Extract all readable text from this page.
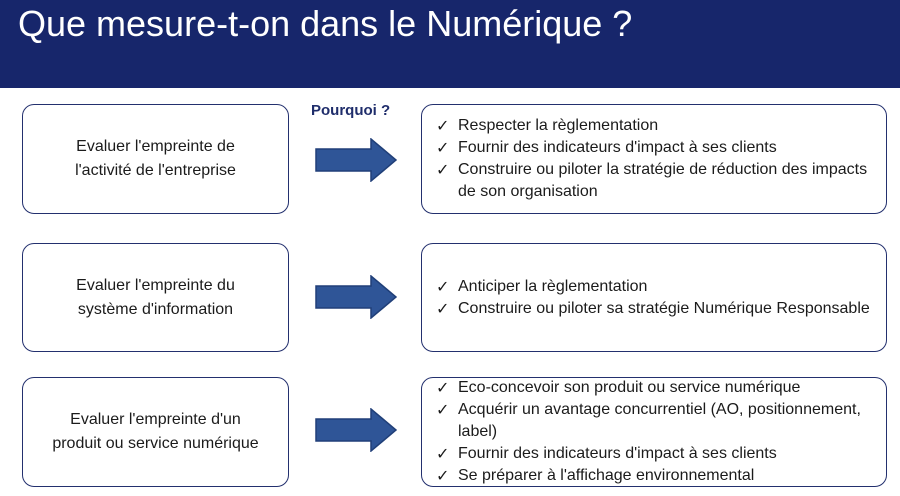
Que mesure-t-on dans le Numérique ?
Pourquoi ?
Evaluer l'empreinte de
l'activité de l'entreprise
✓ Respecter la règlementation
✓ Fournir des indicateurs d'impact à ses clients
✓ Construire ou piloter la stratégie de réduction des impacts de son organisation
Evaluer l'empreinte du
système d'information
✓ Anticiper la règlementation
✓ Construire ou piloter sa stratégie Numérique Responsable
Evaluer l'empreinte d'un
produit ou service numérique
✓ Eco-concevoir son produit ou service numérique
✓ Acquérir un avantage concurrentiel (AO, positionnement, label)
✓ Fournir des indicateurs d'impact à ses clients
✓ Se préparer à l'affichage environnemental
